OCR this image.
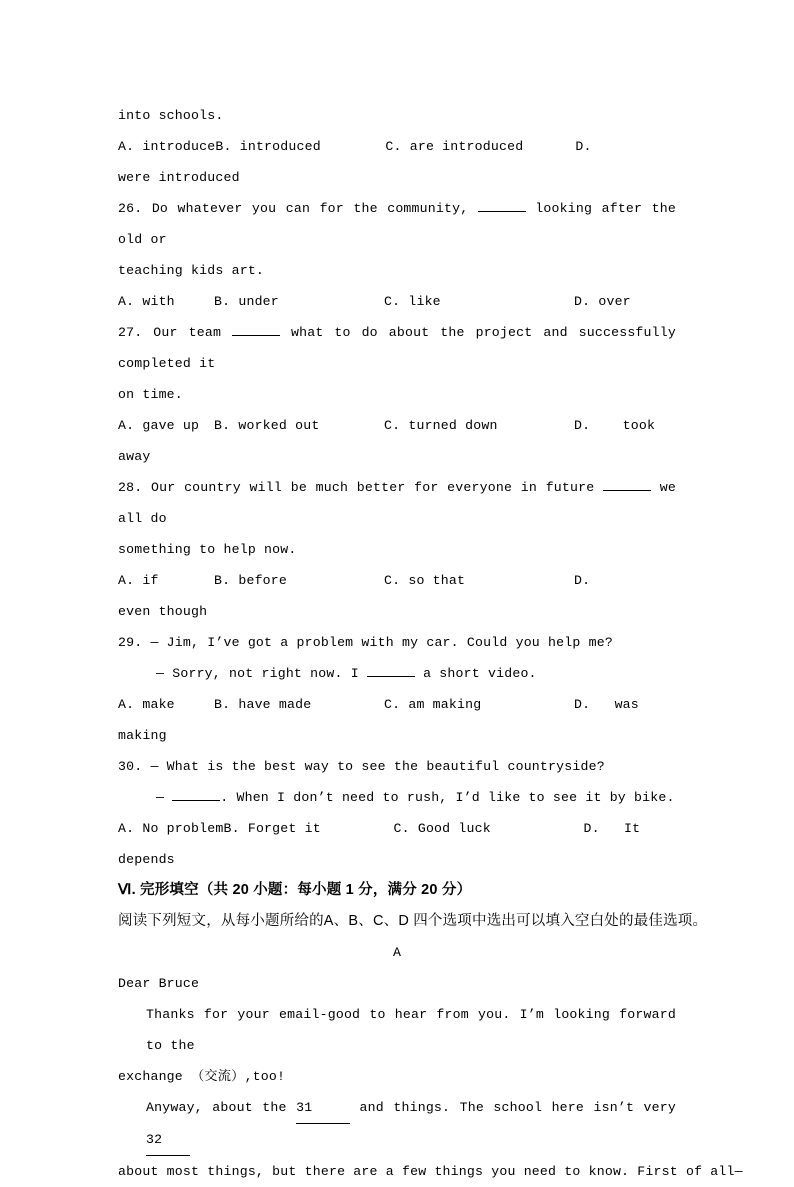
into schools.

A. introduce B. introduced	C. are introduced	D.

were introduced

26. Do whatever you can for the community,	looking after the old or

teaching kids art.

A. with	B. under	C. like	D. over

27. Our team	what to do about the project and successfully completed it

on time.

A. gave up	B. worked out	C. turned down	D.    took

away

28. Our country will be much better for everyone in future	we all do

something to help now.

A. if	B. before	C. so that	D.

even though

29. — Jim, I’ve got a problem with my car. Could you help me?

— Sorry, not right now. I	a short video.

A. make	B. have made	C. am making	D.   was

making

30. — What is the best way to see the beautiful countryside?

—	. When I don’t need to rush, I’d like to see it by bike.

A. No problem B. Forget it	C. Good luck	D.   It

depends

Ⅵ. 完形填空（共 20 小题：每小题 1 分，满分 20 分）

阅读下列短文，从每小题所给的A、B、C、D 四个选项中选出可以填入空白处的最佳选项。

A

Dear Bruce

Thanks for your email-good to hear from you. I’m looking forward to the

exchange （交流）,too!

Anyway, about the 31	and things. The school here isn’t very 32

about most things, but there are a few things you need to know. First of all—
